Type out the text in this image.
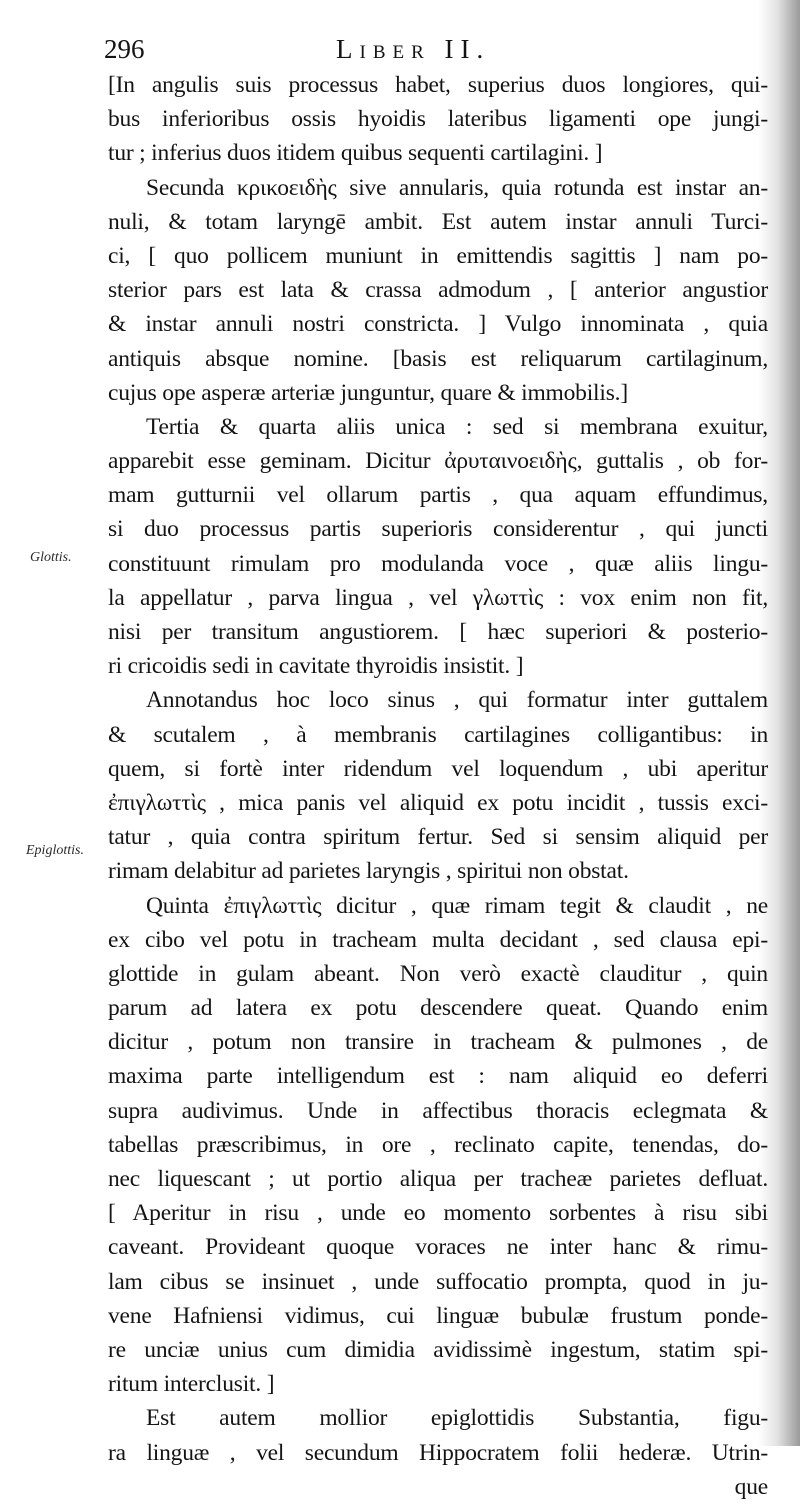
296	Liber II.
Glottis.
Epiglottis.
[In angulis suis processus habet, superius duos longiores, qui-
bus inferioribus ossis hyoidis lateribus ligamenti ope jungi-
tur ; inferius duos itidem quibus sequenti cartilagini. ]
Secunda κρικοειδὴς sive annularis, quia rotunda est instar an-
nuli, & totam laryngē ambit. Est autem instar annuli Turci-
ci, [ quo pollicem muniunt in emittendis sagittis ] nam po-
sterior pars est lata & crassa admodum , [ anterior angustior
& instar annuli nostri constricta. ] Vulgo innominata , quia
antiquis absque nomine. [basis est reliquarum cartilaginum,
cujus ope asperæ arteriæ junguntur, quare & immobilis.]
Tertia & quarta aliis unica : sed si membrana exuitur,
apparebit esse geminam. Dicitur ἀρυταινοειδὴς, guttalis , ob for-
mam gutturnii vel ollarum partis , qua aquam effundimus,
si duo processus partis superioris considerentur , qui juncti
constituunt rimulam pro modulanda voce , quæ aliis lingu-
la appellatur , parva lingua , vel γλωττὶς : vox enim non fit,
nisi per transitum angustiorem. [ hæc superiori & posterio-
ri cricoidis sedi in cavitate thyroidis insistit. ]
Annotandus hoc loco sinus , qui formatur inter guttalem
& scutalem , à membranis cartilagines colligantibus: in
quem, si fortè inter ridendum vel loquendum , ubi aperitur
ἐπιγλωττὶς , mica panis vel aliquid ex potu incidit , tussis exci-
tatur , quia contra spiritum fertur. Sed si sensim aliquid per
rimam delabitur ad parietes laryngis , spiritui non obstat.
Quinta ἐπιγλωττὶς dicitur , quæ rimam tegit & claudit , ne
ex cibo vel potu in tracheam multa decidant , sed clausa epi-
glottide in gulam abeant. Non verò exactè clauditur , quin
parum ad latera ex potu descendere queat. Quando enim
dicitur , potum non transire in tracheam & pulmones , de
maxima parte intelligendum est : nam aliquid eo deferri
supra audivimus. Unde in affectibus thoracis eclegmata &
tabellas præscribimus, in ore , reclinato capite, tenendas, do-
nec liquescant ; ut portio aliqua per tracheæ parietes defluat.
[ Aperitur in risu , unde eo momento sorbentes à risu sibi
caveant. Provideant quoque voraces ne inter hanc & rimu-
lam cibus se insinuet , unde suffocatio prompta, quod in ju-
vene Hafniensi vidimus, cui linguæ bubulæ frustum ponde-
re unciæ unius cum dimidia avidissimè ingestum, statim spi-
ritum interclusit. ]
Est autem mollior epiglottidis Substantia, figu-
ra linguæ , vel secundum Hippocratem folii hederæ. Utrin-
que
